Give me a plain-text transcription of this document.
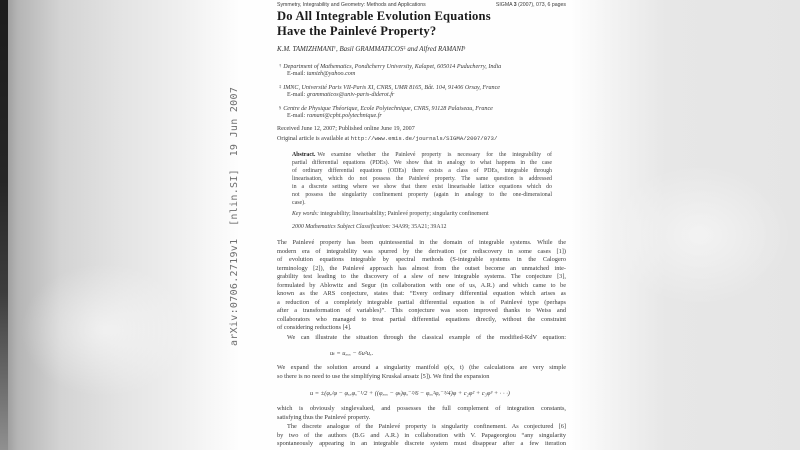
arXiv:0706.2719v1  [nlin.SI]  19 Jun 2007
Symmetry, Integrability and Geometry: Methods and Applications	SIGMA 3 (2007), 073, 6 pages
Do All Integrable Evolution Equations
Have the Painlevé Property?
K.M. TAMIZHMANI†, Basil GRAMMATICOS‡ and Alfred RAMANI§
† Department of Mathematics, Pondicherry University, Kalapet, 605014 Puducherry, India
E-mail: tamizh@yahoo.com
‡ IMNC, Université Paris VII-Paris XI, CNRS, UMR 8165, Bât. 104, 91406 Orsay, France
E-mail: grammaticos@univ-paris-diderot.fr
§ Centre de Physique Théorique, Ecole Polytechnique, CNRS, 91128 Palaiseau, France
E-mail: ramani@cpht.polytechnique.fr
Received June 12, 2007; Published online June 19, 2007
Original article is available at http://www.emis.de/journals/SIGMA/2007/073/
Abstract. We examine whether the Painlevé property is necessary for the integrability of
partial differential equations (PDEs). We show that in analogy to what happens in the case
of ordinary differential equations (ODEs) there exists a class of PDEs, integrable through
linearisation, which do not possess the Painlevé property. The same question is addressed
in a discrete setting where we show that there exist linearisable lattice equations which do
not possess the singularity confinement property (again in analogy to the one-dimensional
case).
Key words: integrability; linearisability; Painlevé property; singularity confinement
2000 Mathematics Subject Classification: 34A99; 35A21; 39A12
The Painlevé property has been quintessential in the domain of integrable systems. While the
modern era of integrability was spurred by the derivation (or rediscovery in some cases [1])
of evolution equations integrable by spectral methods (S-integrable systems in the Calogero
terminology [2]), the Painlevé approach has almost from the outset become an unmatched inte-
grability test leading to the discovery of a slew of new integrable systems. The conjecture [3],
formulated by Ablowitz and Segur (in collaboration with one of us, A.R.) and which came to be
known as the ARS conjecture, states that: “Every ordinary differential equation which arises as
a reduction of a completely integrable partial differential equation is of Painlevé type (perhaps
after a transformation of variables)”. This conjecture was soon improved thanks to Weiss and
collaborators who managed to treat partial differential equations directly, without the constraint
of considering reductions [4].
We can illustrate the situation through the classical example of the modified-KdV equation:
uₜ = uₓₓₓ − 6u²uₓ.
We expand the solution around a singularity manifold φ(x, t) (the calculations are very simple
so there is no need to use the simplifying Kruskal ansatz [5]). We find the expansion
u = ±(φₓ/φ − φₓₓφₓ⁻¹/2 + ((φₓₓₓ − φₜ)φₓ⁻²/6 − φₓₓ²φₓ⁻³/4)φ + c₂φ² + c₃φ³ + · · ·)
which is obviously singlevalued, and possesses the full complement of integration constants,
satisfying thus the Painlevé property.
The discrete analogue of the Painlevé property is singularity confinement. As conjectured [6]
by two of the authors (B.G and A.R.) in collaboration with V. Papageorgiou “any singularity
spontaneously appearing in an integrable discrete system must disappear after a few iteration
